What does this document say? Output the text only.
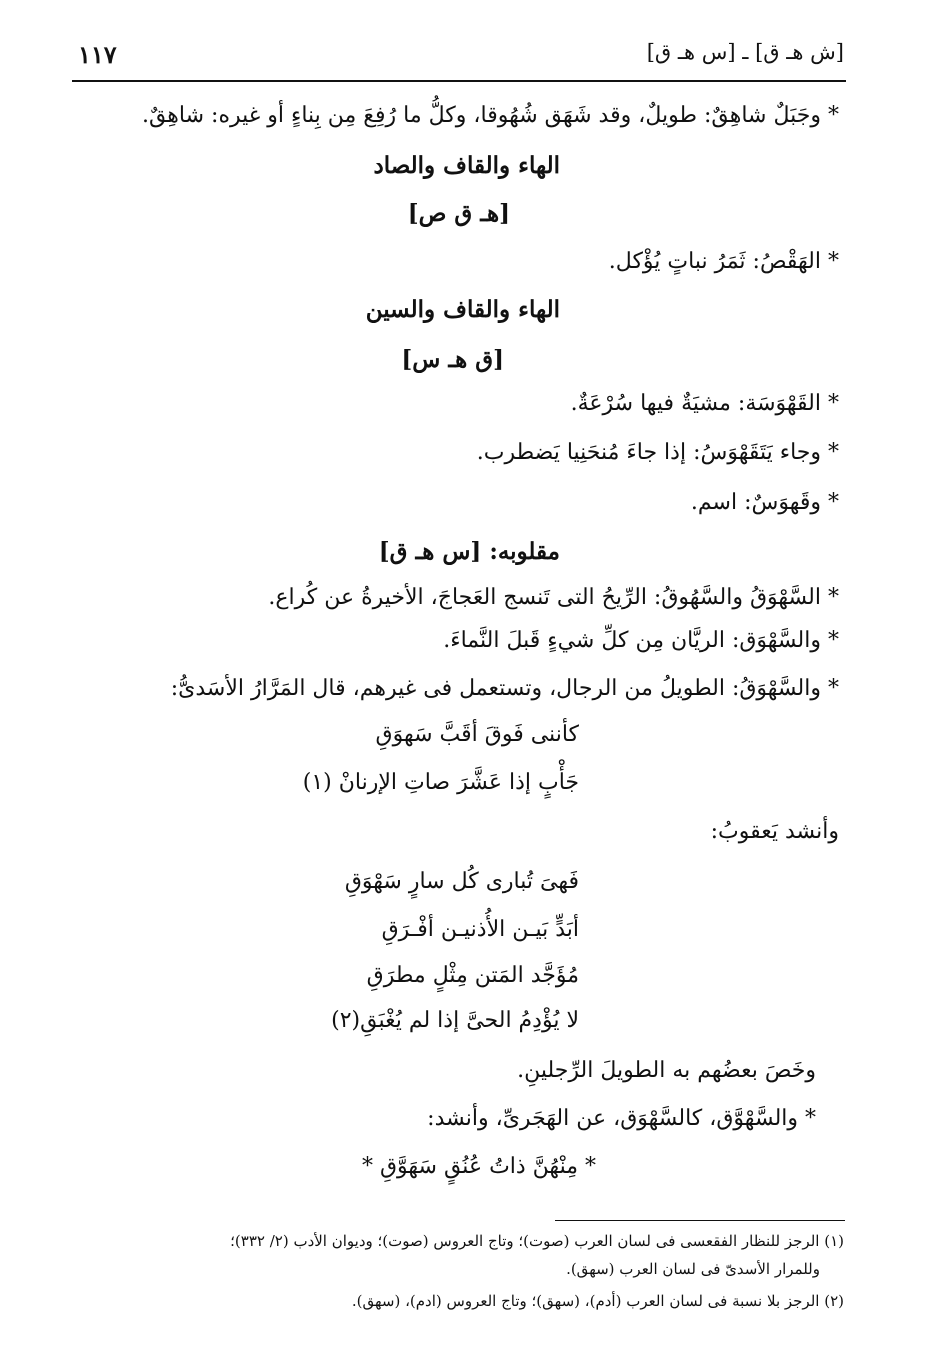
١١٧	[ش هـ ق] ـ [س هـ ق]
* وجَبَلٌ شاهِقٌ: طويلٌ، وقد شَهَق شُهُوقا، وكلُّ ما رُفِعَ مِن بِناءٍ أو غيره: شاهِقٌ.
الهاء والقاف والصاد
[هـ ق ص]
* الهَقْصُ: ثَمَرُ نباتٍ يُؤْكل.
الهاء والقاف والسين
[ق هـ س]
* القَهْوَسَة: مشيَةٌ فيها سُرْعَةٌ.
* وجاء يَتَقَهْوَسُ: إذا جاءَ مُنحَنِيا يَضطرب.
* وقَهوَسٌ: اسم.
مقلوبه: [س هـ ق]
* السَّهْوَقُ والسَّهُوقُ: الرِّيحُ التى تَنسج العَجاجَ، الأخيرةُ عن كُراع.
* والسَّهْوَق: الريَّان مِن كلِّ شيءٍ قَبلَ النَّماءَ.
* والسَّهْوَقُ: الطويلُ من الرجال، وتستعمل فى غيرهم، قال المَرَّارُ الأسَدىُّ:
كأننى فَوقَ أقَبَّ سَهوَقِ
جَأْبٍ إذا عَشَّرَ صاتِ الإرنانْ (١)
وأنشد يَعقوبُ:
فَهىَ تُبارى كُل سارٍ سَهْوَقِ
أبَدٍّ بَيـن الأُذنيـن أفْـرَقِ
مُؤَجَّد المَتن مِثْلٍ مطرَقِ
لا يُؤْدِمُ الحىَّ إذا لم يُغْبَقِ(٢)
وخَصَ بعضُهم به الطويلَ الرِّجلينِ.
* والسَّهْوَّق، كالسَّهْوَق، عن الهَجَرىِّ، وأنشد:
* مِنْهُنَّ ذاتُ عُنُقٍ سَهَوَّقِ *
(١) الرجز للنظار الفقعسى فى لسان العرب (صوت)؛ وتاج العروس (صوت)؛ وديوان الأدب (٢/ ٣٣٢)؛
وللمرار الأسدىّ فى لسان العرب (سهق).
(٢) الرجز بلا نسبة فى لسان العرب (أدم)، (سهق)؛ وتاج العروس (ادم)، (سهق).
